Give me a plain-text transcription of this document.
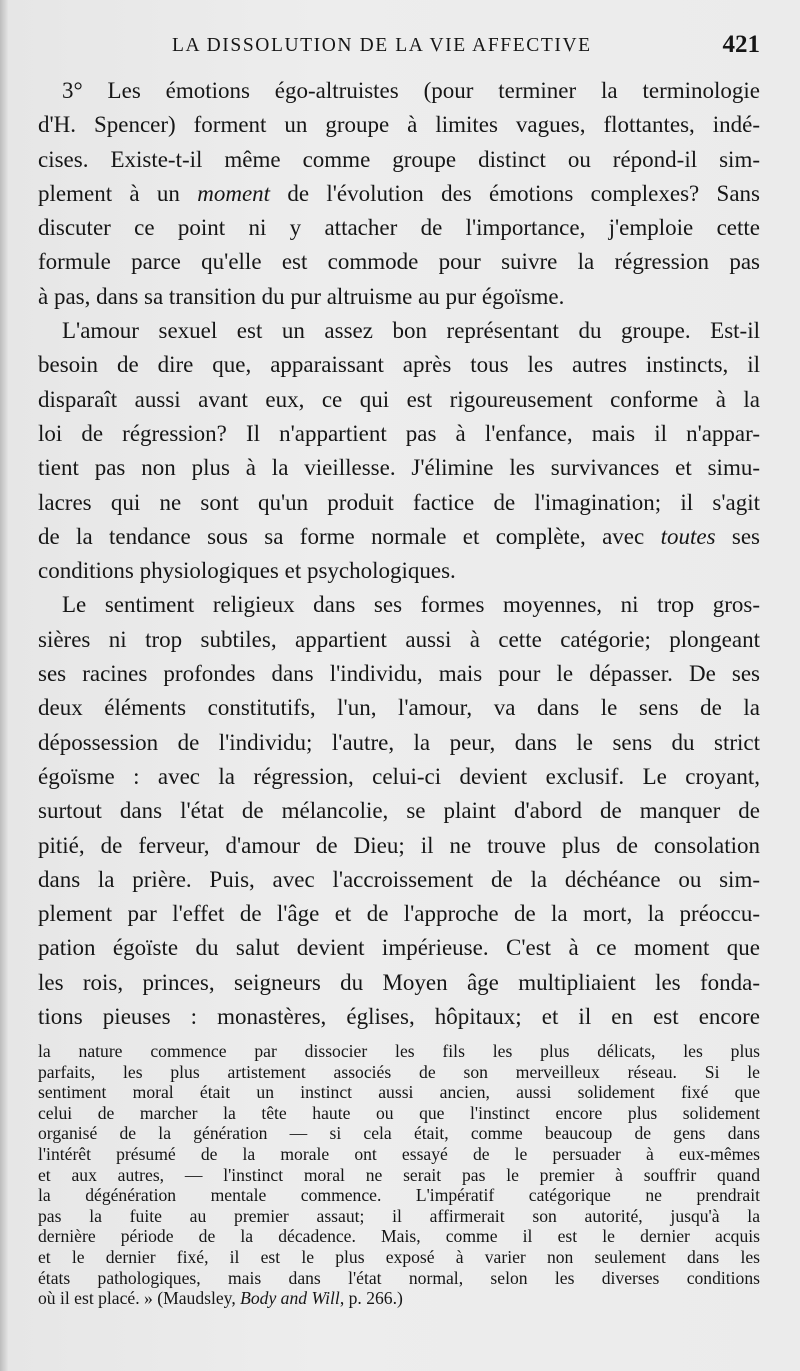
LA DISSOLUTION DE LA VIE AFFECTIVE	421
3° Les émotions égo-altruistes (pour terminer la terminologie
d'H. Spencer) forment un groupe à limites vagues, flottantes, indé-
cises. Existe-t-il même comme groupe distinct ou répond-il sim-
plement à un moment de l'évolution des émotions complexes? Sans
discuter ce point ni y attacher de l'importance, j'emploie cette
formule parce qu'elle est commode pour suivre la régression pas
à pas, dans sa transition du pur altruisme au pur égoïsme.
L'amour sexuel est un assez bon représentant du groupe. Est-il
besoin de dire que, apparaissant après tous les autres instincts, il
disparaît aussi avant eux, ce qui est rigoureusement conforme à la
loi de régression? Il n'appartient pas à l'enfance, mais il n'appar-
tient pas non plus à la vieillesse. J'élimine les survivances et simu-
lacres qui ne sont qu'un produit factice de l'imagination; il s'agit
de la tendance sous sa forme normale et complète, avec toutes ses
conditions physiologiques et psychologiques.
Le sentiment religieux dans ses formes moyennes, ni trop gros-
sières ni trop subtiles, appartient aussi à cette catégorie; plongeant
ses racines profondes dans l'individu, mais pour le dépasser. De ses
deux éléments constitutifs, l'un, l'amour, va dans le sens de la
dépossession de l'individu; l'autre, la peur, dans le sens du strict
égoïsme : avec la régression, celui-ci devient exclusif. Le croyant,
surtout dans l'état de mélancolie, se plaint d'abord de manquer de
pitié, de ferveur, d'amour de Dieu; il ne trouve plus de consolation
dans la prière. Puis, avec l'accroissement de la déchéance ou sim-
plement par l'effet de l'âge et de l'approche de la mort, la préoccu-
pation égoïste du salut devient impérieuse. C'est à ce moment que
les rois, princes, seigneurs du Moyen âge multipliaient les fonda-
tions pieuses : monastères, églises, hôpitaux; et il en est encore
la nature commence par dissocier les fils les plus délicats, les plus
parfaits, les plus artistement associés de son merveilleux réseau. Si le
sentiment moral était un instinct aussi ancien, aussi solidement fixé que
celui de marcher la tête haute ou que l'instinct encore plus solidement
organisé de la génération — si cela était, comme beaucoup de gens dans
l'intérêt présumé de la morale ont essayé de le persuader à eux-mêmes
et aux autres, — l'instinct moral ne serait pas le premier à souffrir quand
la dégénération mentale commence. L'impératif catégorique ne prendrait
pas la fuite au premier assaut; il affirmerait son autorité, jusqu'à la
dernière période de la décadence. Mais, comme il est le dernier acquis
et le dernier fixé, il est le plus exposé à varier non seulement dans les
états pathologiques, mais dans l'état normal, selon les diverses conditions
où il est placé. » (Maudsley, Body and Will, p. 266.)
